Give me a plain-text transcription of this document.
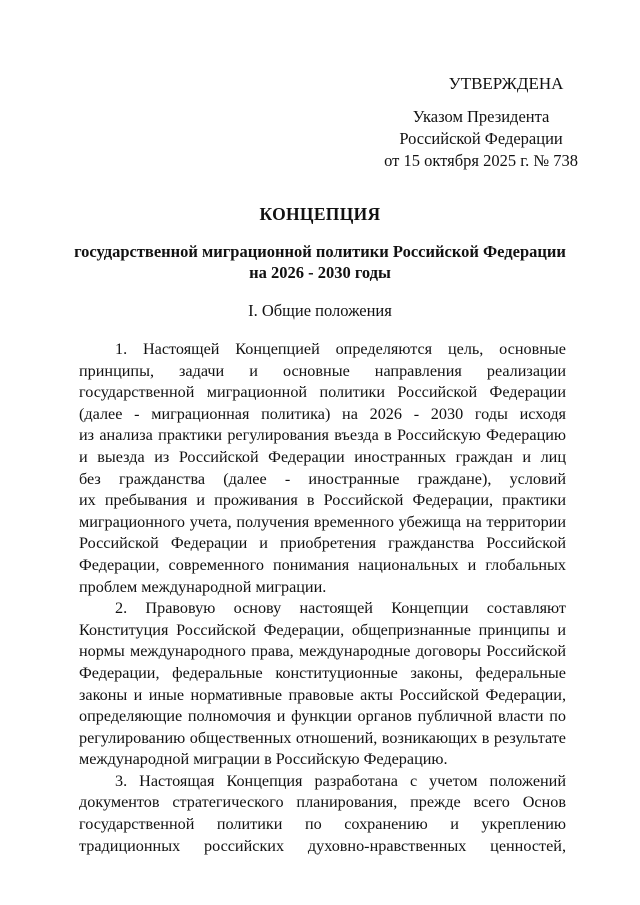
УТВЕРЖДЕНА
Указом Президента
Российской Федерации
от 15 октября 2025 г. № 738

КОНЦЕПЦИЯ

государственной миграционной политики Российской Федерации
на 2026 - 2030 годы

I. Общие положения
1. Настоящей Концепцией определяются цель, основные
принципы, задачи и основные направления реализации
государственной миграционной политики Российской Федерации
(далее - миграционная политика) на 2026 - 2030 годы исходя
из анализа практики регулирования въезда в Российскую Федерацию
и выезда из Российской Федерации иностранных граждан и лиц
без гражданства (далее - иностранные граждане), условий
их пребывания и проживания в Российской Федерации, практики
миграционного учета, получения временного убежища на территории
Российской Федерации и приобретения гражданства Российской
Федерации, современного понимания национальных и глобальных
проблем международной миграции.
2. Правовую основу настоящей Концепции составляют
Конституция Российской Федерации, общепризнанные принципы и
нормы международного права, международные договоры Российской
Федерации, федеральные конституционные законы, федеральные
законы и иные нормативные правовые акты Российской Федерации,
определяющие полномочия и функции органов публичной власти по
регулированию общественных отношений, возникающих в результате
международной миграции в Российскую Федерацию.
3. Настоящая Концепция разработана с учетом положений
документов стратегического планирования, прежде всего Основ
государственной политики по сохранению и укреплению
традиционных российских духовно-нравственных ценностей,
